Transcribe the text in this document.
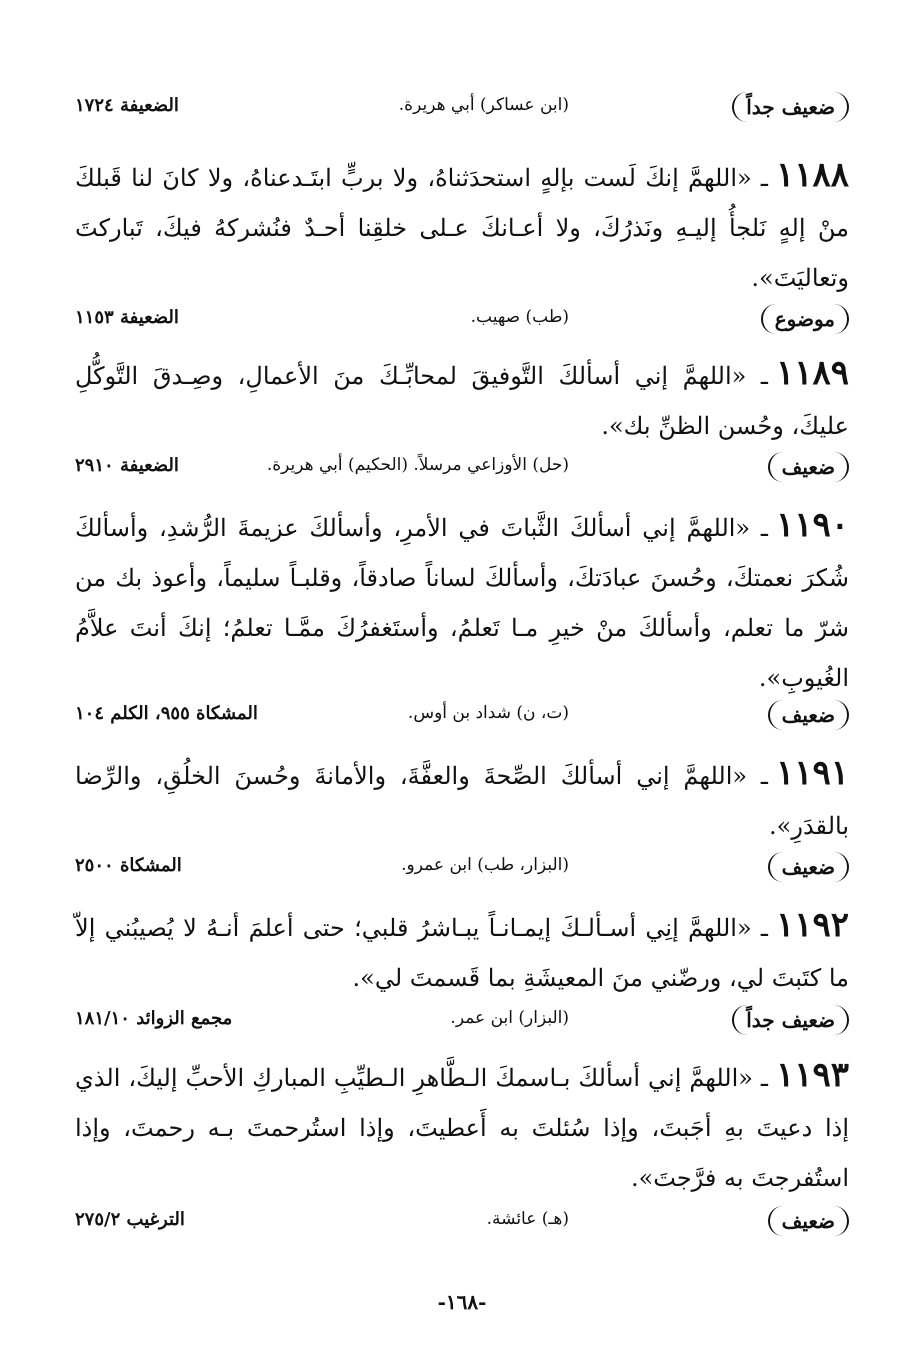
ضعيف جداً
(ابن عساكر) أبي هريرة.
الضعيفة ١٧٢٤
١١٨٨ـ «اللهمَّ إنكَ لَست بإلهٍ استحدَثناهُ، ولا بربٍّ ابتَـدعناهُ، ولا كانَ لنا قَبلكَ منْ إلهٍ نَلجأُ إليـهِ ونَذرُكَ، ولا أعـانكَ عـلى خلقِنا أحـدٌ فنُشركهُ فيكَ، تَباركتَ وتعاليَتَ».
موضوع
(طب) صهيب.
الضعيفة ١١٥٣
١١٨٩ـ «اللهمَّ إني أسألكَ التَّوفيقَ لمحابِّـكَ منَ الأعمالِ، وصِـدقَ التَّوكُّلِ عليكَ، وحُسن الظنِّ بك».
ضعيف
(حل) الأوزاعي مرسلاً. (الحكيم) أبي هريرة.
الضعيفة ٢٩١٠
١١٩٠ـ «اللهمَّ إني أسألكَ الثَّباتَ في الأمرِ، وأسألكَ عزيمةَ الرُّشدِ، وأسألكَ شُكرَ نعمتكَ، وحُسنَ عبادَتكَ، وأسألكَ لساناً صادقاً، وقلبـاً سليماً، وأعوذ بك من شرّ ما تعلم، وأسألكَ منْ خيرِ مـا تَعلمُ، وأستَغفرُكَ ممَّـا تعلمُ؛ إنكَ أنتَ علاَّمُ الغُيوبِ».
ضعيف
(ت، ن) شداد بن أوس.
المشكاة ٩٥٥، الكلم ١٠٤
١١٩١ـ «اللهمَّ إني أسألكَ الصِّحةَ والعفَّةَ، والأمانةَ وحُسنَ الخلُقِ، والرِّضا بالقدَرِ».
ضعيف
(البزار، طب) ابن عمرو.
المشكاة ٢٥٠٠
١١٩٢ـ «اللهمَّ إنِي أسـألـكَ إيمـانـاً يبـاشرُ قلبي؛ حتى أعلمَ أنـهُ لا يُصيبُني إلاّ ما كتَبتَ لي، ورضّني منَ المعيشَةِ بما قَسمتَ لي».
ضعيف جداً
(البزار) ابن عمر.
مجمع الزوائد ١٨١/١٠
١١٩٣ـ «اللهمَّ إني أسألكَ بـاسمكَ الـطَّاهرِ الـطيِّبِ المباركِ الأحبِّ إليكَ، الذي إذا دعيتَ بهِ أجَبتَ، وإذا سُئلتَ به أَعطيتَ، وإذا استُرحمتَ بـه رحمتَ، وإذا استُفرجتَ به فرَّجتَ».
ضعيف
(هـ) عائشة.
الترغيب ٢٧٥/٢
-١٦٨-
